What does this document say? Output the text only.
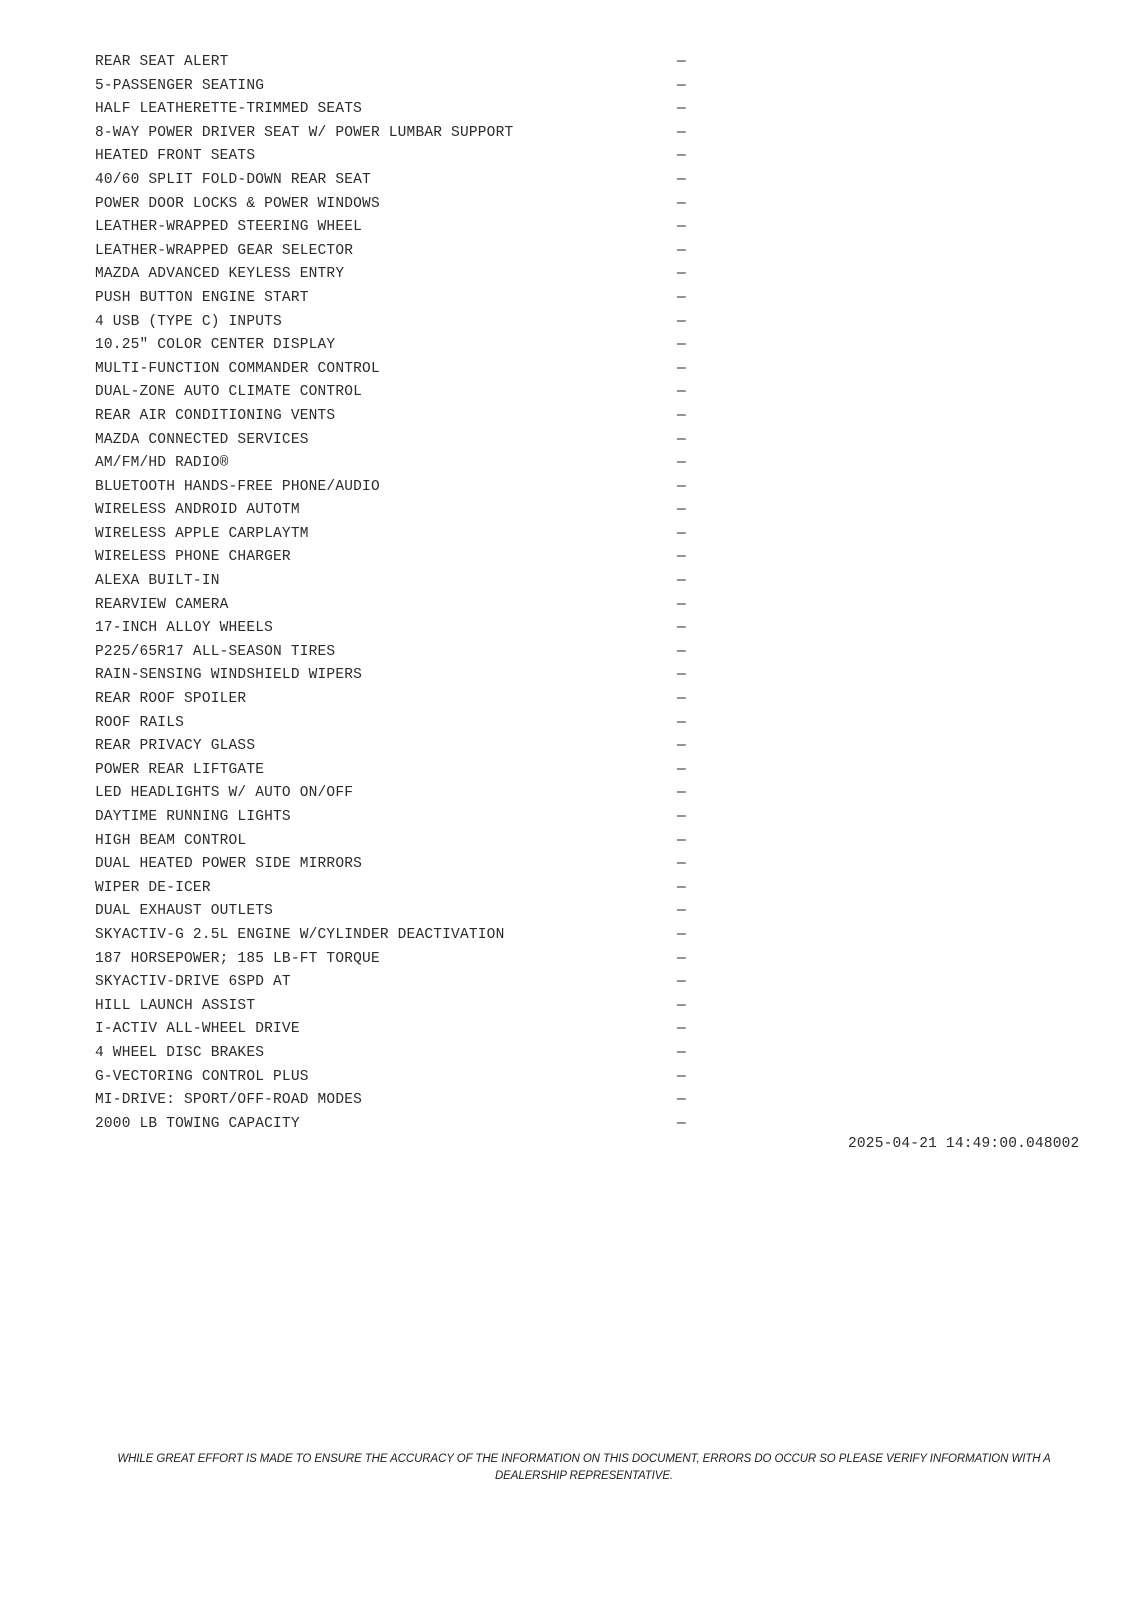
REAR SEAT ALERT	—
5-PASSENGER SEATING	—
HALF LEATHERETTE-TRIMMED SEATS	—
8-WAY POWER DRIVER SEAT W/ POWER LUMBAR SUPPORT	—
HEATED FRONT SEATS	—
40/60 SPLIT FOLD-DOWN REAR SEAT	—
POWER DOOR LOCKS & POWER WINDOWS	—
LEATHER-WRAPPED STEERING WHEEL	—
LEATHER-WRAPPED GEAR SELECTOR	—
MAZDA ADVANCED KEYLESS ENTRY	—
PUSH BUTTON ENGINE START	—
4 USB (TYPE C) INPUTS	—
10.25" COLOR CENTER DISPLAY	—
MULTI-FUNCTION COMMANDER CONTROL	—
DUAL-ZONE AUTO CLIMATE CONTROL	—
REAR AIR CONDITIONING VENTS	—
MAZDA CONNECTED SERVICES	—
AM/FM/HD RADIO®	—
BLUETOOTH HANDS-FREE PHONE/AUDIO	—
WIRELESS ANDROID AUTOTM	—
WIRELESS APPLE CARPLAYTM	—
WIRELESS PHONE CHARGER	—
ALEXA BUILT-IN	—
REARVIEW CAMERA	—
17-INCH ALLOY WHEELS	—
P225/65R17 ALL-SEASON TIRES	—
RAIN-SENSING WINDSHIELD WIPERS	—
REAR ROOF SPOILER	—
ROOF RAILS	—
REAR PRIVACY GLASS	—
POWER REAR LIFTGATE	—
LED HEADLIGHTS W/ AUTO ON/OFF	—
DAYTIME RUNNING LIGHTS	—
HIGH BEAM CONTROL	—
DUAL HEATED POWER SIDE MIRRORS	—
WIPER DE-ICER	—
DUAL EXHAUST OUTLETS	—
SKYACTIV-G 2.5L ENGINE W/CYLINDER DEACTIVATION	—
187 HORSEPOWER; 185 LB-FT TORQUE	—
SKYACTIV-DRIVE 6SPD AT	—
HILL LAUNCH ASSIST	—
I-ACTIV ALL-WHEEL DRIVE	—
4 WHEEL DISC BRAKES	—
G-VECTORING CONTROL PLUS	—
MI-DRIVE: SPORT/OFF-ROAD MODES	—
2000 LB TOWING CAPACITY	—
2025-04-21 14:49:00.048002
WHILE GREAT EFFORT IS MADE TO ENSURE THE ACCURACY OF THE INFORMATION ON THIS DOCUMENT, ERRORS DO OCCUR SO PLEASE VERIFY INFORMATION WITH A DEALERSHIP REPRESENTATIVE.
